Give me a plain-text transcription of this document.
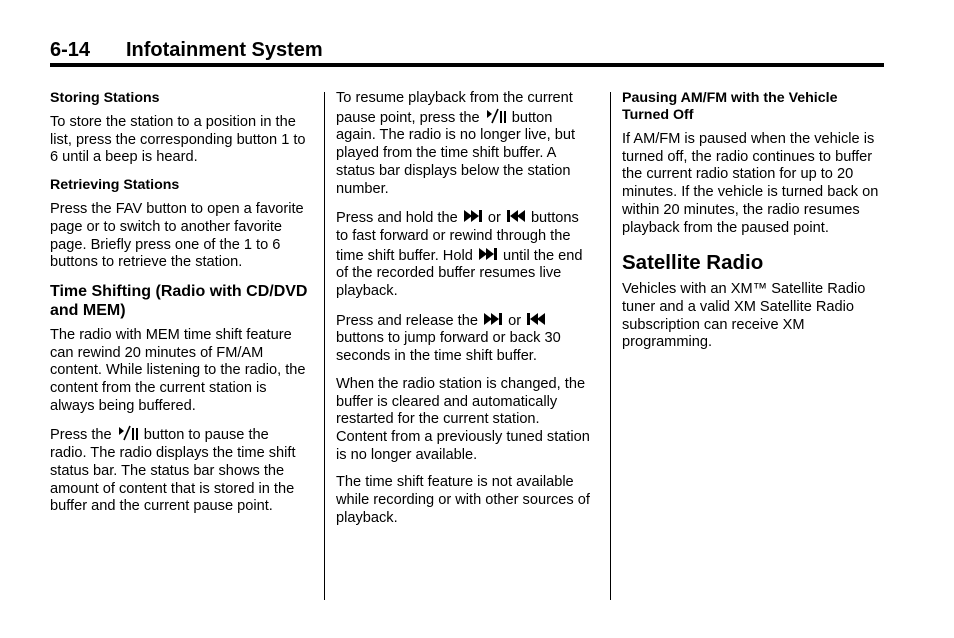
6-14 Infotainment System
Storing Stations

To store the station to a position in the list, press the corresponding button 1 to 6 until a beep is heard.

Retrieving Stations

Press the FAV button to open a favorite page or to switch to another favorite page. Briefly press one of the 1 to 6 buttons to retrieve the station.

Time Shifting (Radio with CD/DVD and MEM)

The radio with MEM time shift feature can rewind 20 minutes of FM/AM content. While listening to the radio, the content from the current station is always being buffered.

Press the button to pause the radio. The radio displays the time shift status bar. The status bar shows the amount of content that is stored in the buffer and the current pause point.

To resume playback from the current pause point, press the button again. The radio is no longer live, but played from the time shift buffer. A status bar displays below the station number.

Press and hold the or buttons to fast forward or rewind through the time shift buffer. Hold until the end of the recorded buffer resumes live playback.

Press and release the or  buttons to jump forward or back 30 seconds in the time shift buffer.

When the radio station is changed, the buffer is cleared and automatically restarted for the current station. Content from a previously tuned station is no longer available.

The time shift feature is not available while recording or with other sources of playback.

Pausing AM/FM with the Vehicle Turned Off

If AM/FM is paused when the vehicle is turned off, the radio continues to buffer the current radio station for up to 20 minutes. If the vehicle is turned back on within 20 minutes, the radio resumes playback from the paused point.

Satellite Radio

Vehicles with an XM™ Satellite Radio tuner and a valid XM Satellite Radio subscription can receive XM programming.
